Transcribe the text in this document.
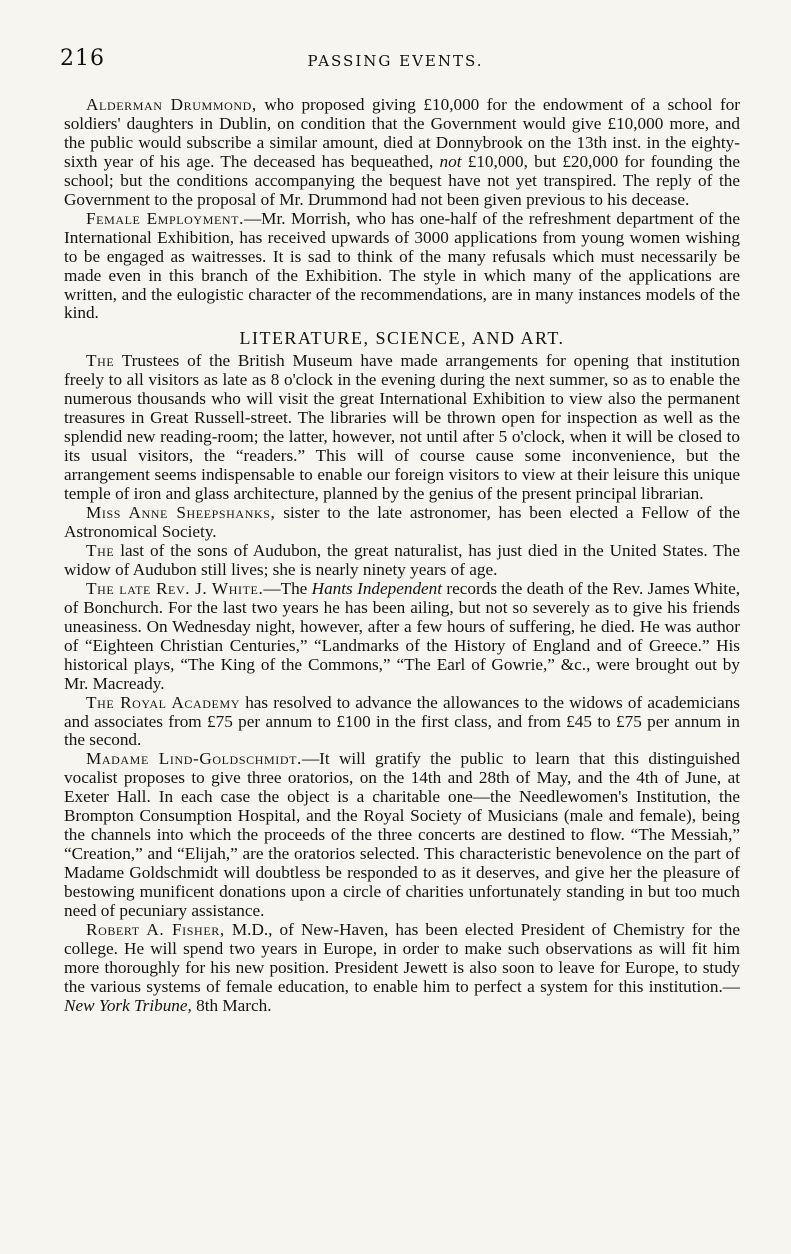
216	PASSING EVENTS.

Alderman Drummond, who proposed giving £10,000 for the endowment of a school for soldiers' daughters in Dublin, on condition that the Government would give £10,000 more, and the public would subscribe a similar amount, died at Donnybrook on the 13th inst. in the eighty-sixth year of his age. The deceased has bequeathed, not £10,000, but £20,000 for founding the school; but the conditions accompanying the bequest have not yet transpired. The reply of the Government to the proposal of Mr. Drummond had not been given previous to his decease.

Female Employment.—Mr. Morrish, who has one-half of the refreshment department of the International Exhibition, has received upwards of 3000 applications from young women wishing to be engaged as waitresses. It is sad to think of the many refusals which must necessarily be made even in this branch of the Exhibition. The style in which many of the applications are written, and the eulogistic character of the recommendations, are in many instances models of the kind.

LITERATURE, SCIENCE, AND ART.

The Trustees of the British Museum have made arrangements for opening that institution freely to all visitors as late as 8 o'clock in the evening during the next summer, so as to enable the numerous thousands who will visit the great International Exhibition to view also the permanent treasures in Great Russell-street. The libraries will be thrown open for inspection as well as the splendid new reading-room; the latter, however, not until after 5 o'clock, when it will be closed to its usual visitors, the “readers.” This will of course cause some inconvenience, but the arrangement seems indispensable to enable our foreign visitors to view at their leisure this unique temple of iron and glass architecture, planned by the genius of the present principal librarian.

Miss Anne Sheepshanks, sister to the late astronomer, has been elected a Fellow of the Astronomical Society.

The last of the sons of Audubon, the great naturalist, has just died in the United States. The widow of Audubon still lives; she is nearly ninety years of age.

The late Rev. J. White.—The Hants Independent records the death of the Rev. James White, of Bonchurch. For the last two years he has been ailing, but not so severely as to give his friends uneasiness. On Wednesday night, however, after a few hours of suffering, he died. He was author of “Eighteen Christian Centuries,” “Landmarks of the History of England and of Greece.” His historical plays, “The King of the Commons,” “The Earl of Gowrie,” &c., were brought out by Mr. Macready.

The Royal Academy has resolved to advance the allowances to the widows of academicians and associates from £75 per annum to £100 in the first class, and from £45 to £75 per annum in the second.

Madame Lind-Goldschmidt.—It will gratify the public to learn that this distinguished vocalist proposes to give three oratorios, on the 14th and 28th of May, and the 4th of June, at Exeter Hall. In each case the object is a charitable one—the Needlewomen's Institution, the Brompton Consumption Hospital, and the Royal Society of Musicians (male and female), being the channels into which the proceeds of the three concerts are destined to flow. “The Messiah,” “Creation,” and “Elijah,” are the oratorios selected. This characteristic benevolence on the part of Madame Goldschmidt will doubtless be responded to as it deserves, and give her the pleasure of bestowing munificent donations upon a circle of charities unfortunately standing in but too much need of pecuniary assistance.

Robert A. Fisher, M.D., of New-Haven, has been elected President of Chemistry for the college. He will spend two years in Europe, in order to make such observations as will fit him more thoroughly for his new position. President Jewett is also soon to leave for Europe, to study the various systems of female education, to enable him to perfect a system for this institution.—New York Tribune, 8th March.
